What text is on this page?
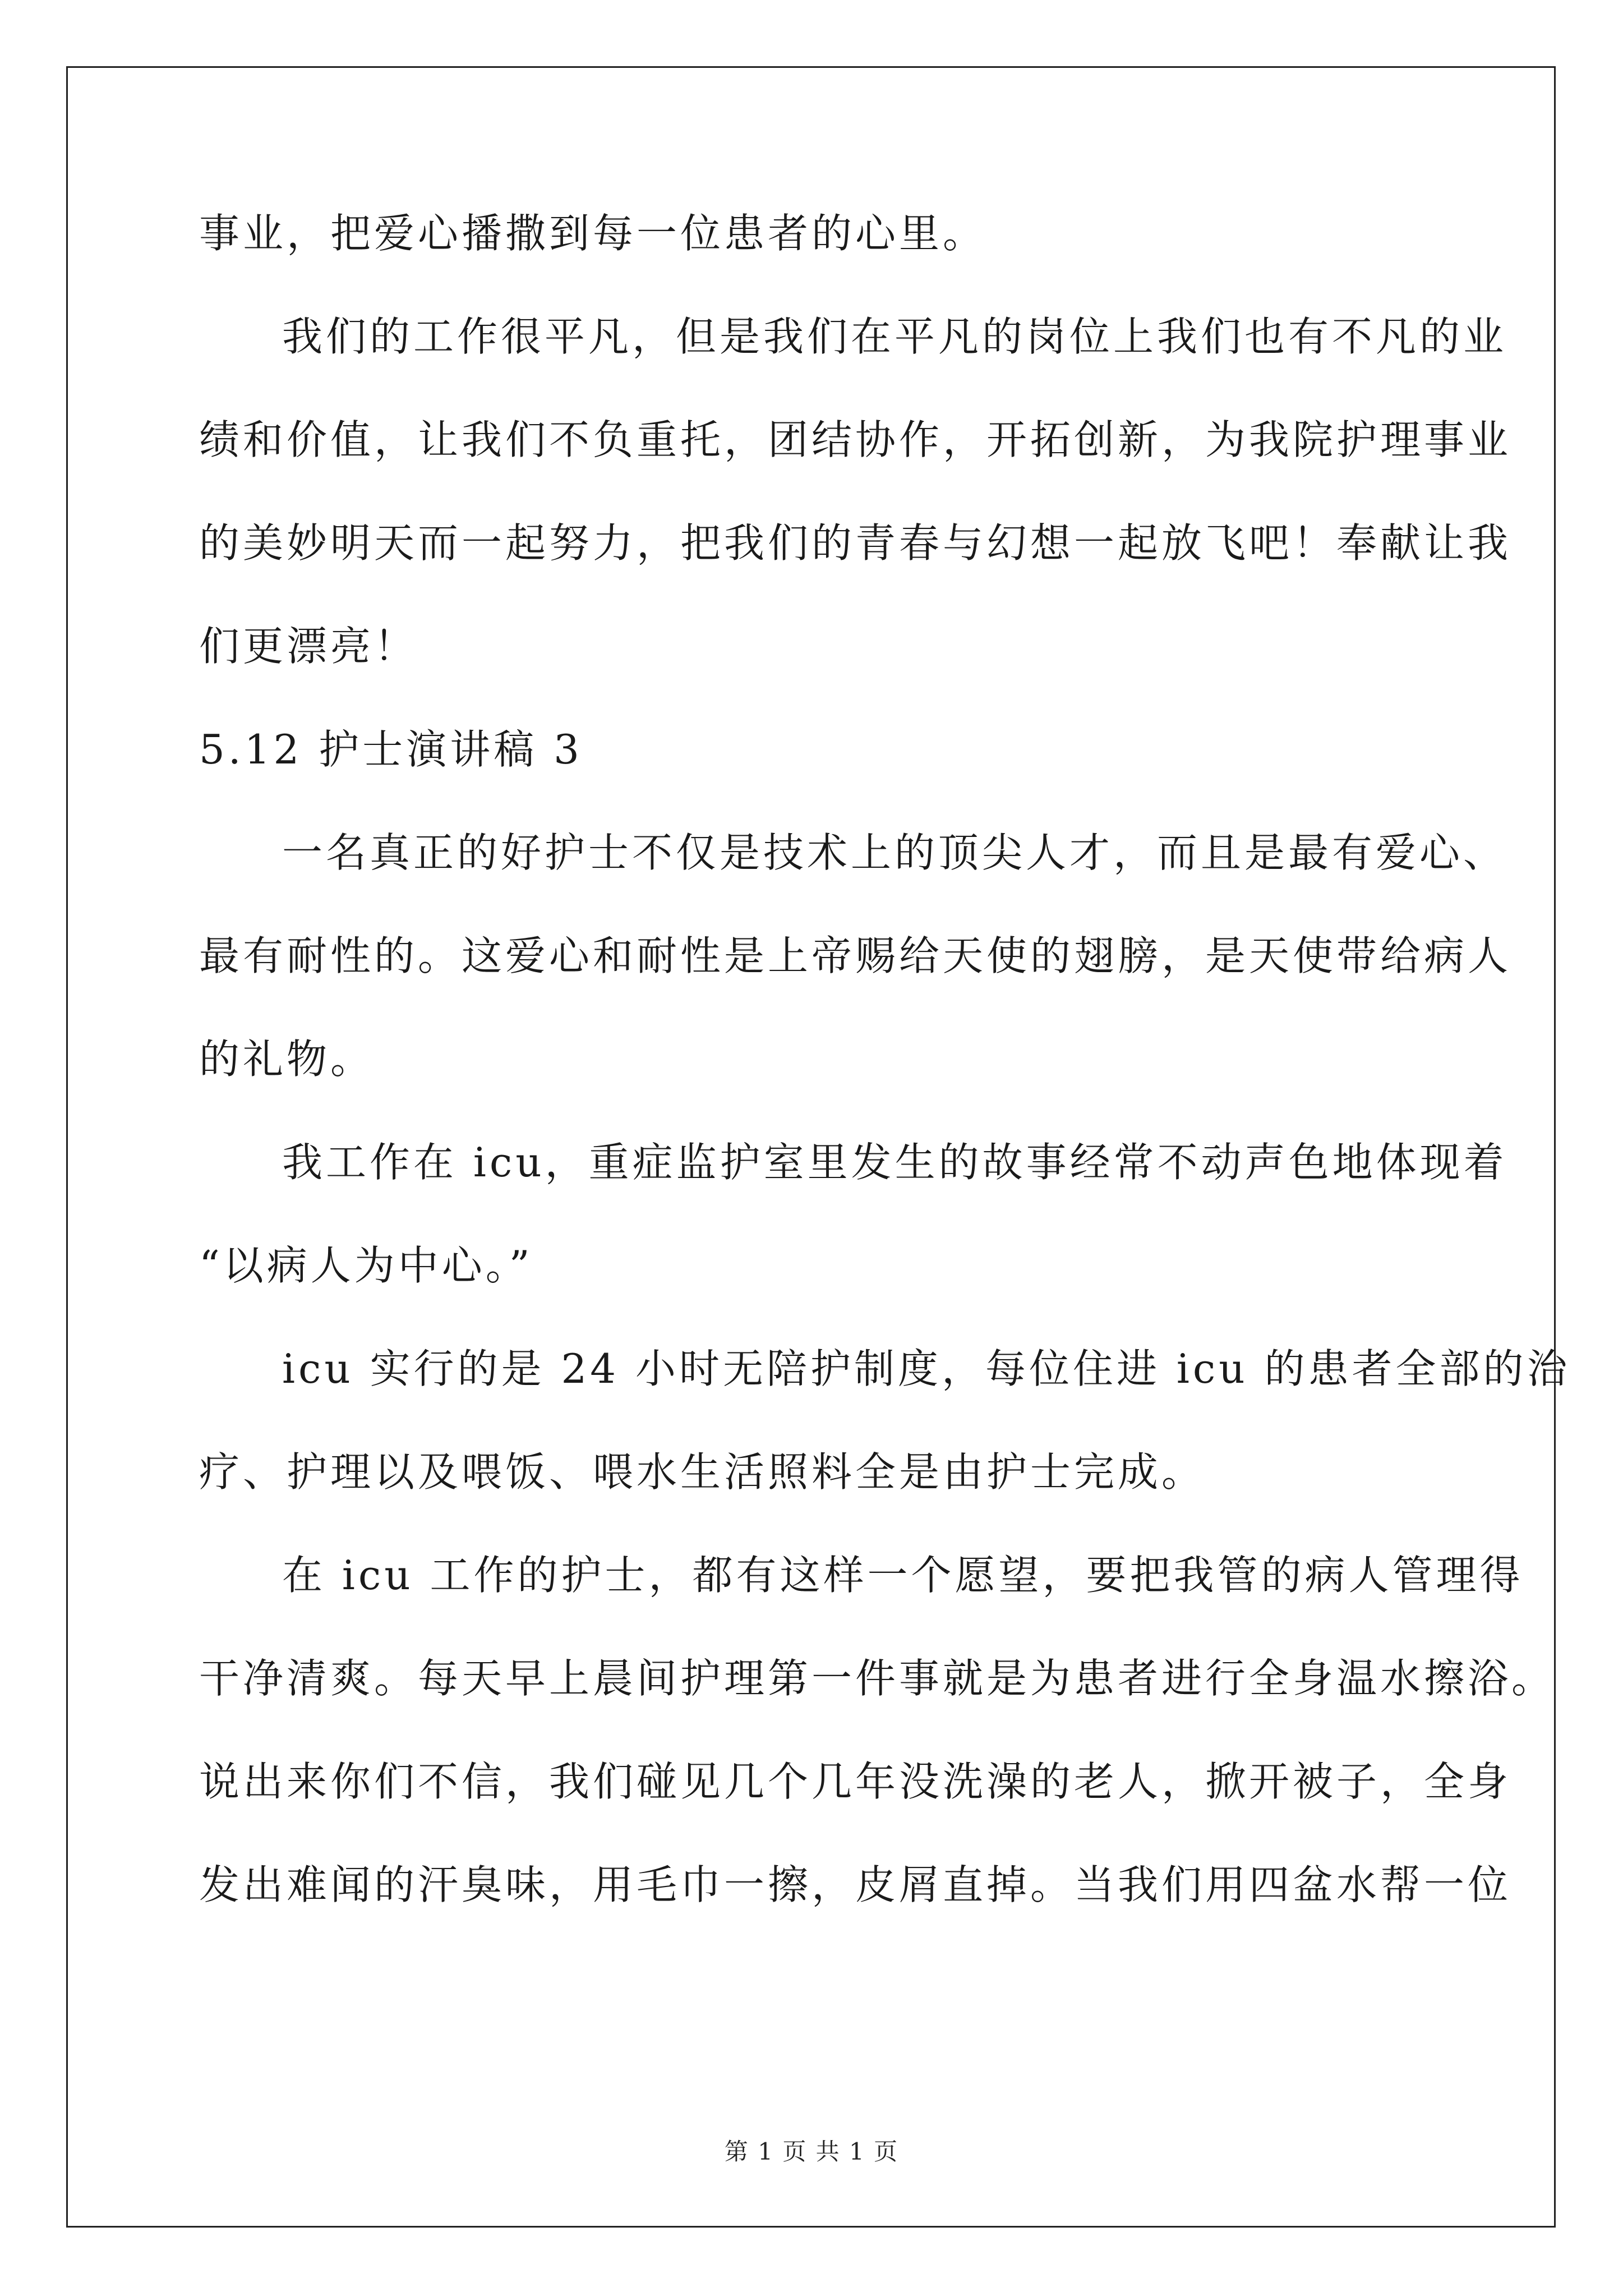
事业，把爱心播撒到每一位患者的心里。
我们的工作很平凡，但是我们在平凡的岗位上我们也有不凡的业
绩和价值，让我们不负重托，团结协作，开拓创新，为我院护理事业
的美妙明天而一起努力，把我们的青春与幻想一起放飞吧！奉献让我
们更漂亮！
5.12 护士演讲稿 3
一名真正的好护士不仅是技术上的顶尖人才，而且是最有爱心、
最有耐性的。这爱心和耐性是上帝赐给天使的翅膀，是天使带给病人
的礼物。
我工作在 icu，重症监护室里发生的故事经常不动声色地体现着
“以病人为中心。”
icu 实行的是 24 小时无陪护制度，每位住进 icu 的患者全部的治
疗、护理以及喂饭、喂水生活照料全是由护士完成。
在 icu 工作的护士，都有这样一个愿望，要把我管的病人管理得
干净清爽。每天早上晨间护理第一件事就是为患者进行全身温水擦浴。
说出来你们不信，我们碰见几个几年没洗澡的老人，掀开被子，全身
发出难闻的汗臭味，用毛巾一擦，皮屑直掉。当我们用四盆水帮一位
第 1 页 共 1 页
